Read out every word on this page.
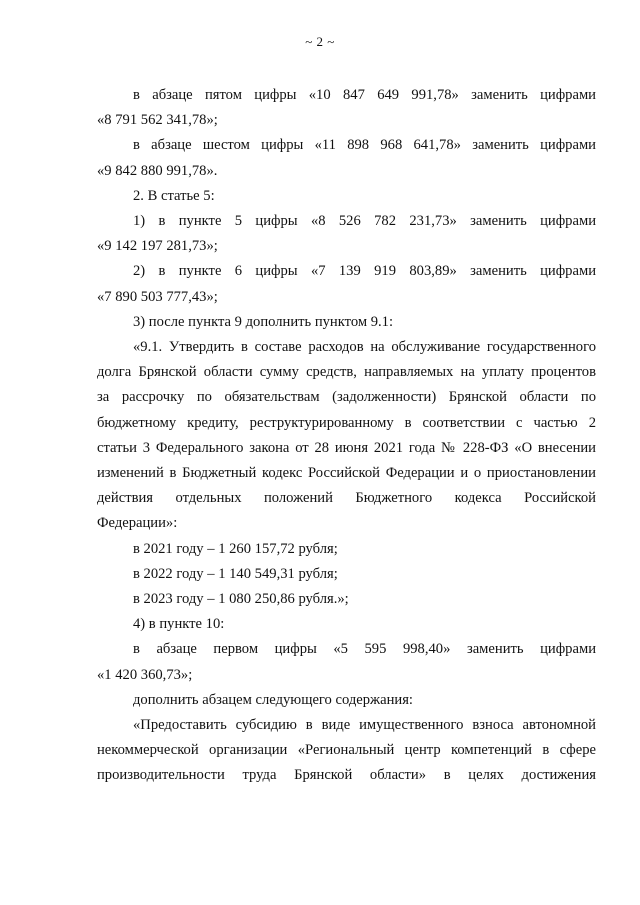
~ 2 ~
в абзаце пятом цифры «10 847 649 991,78» заменить цифрами
«8 791 562 341,78»;
в абзаце шестом цифры «11 898 968 641,78» заменить цифрами
«9 842 880 991,78».
2. В статье 5:
1) в пункте 5 цифры «8 526 782 231,73» заменить цифрами
«9 142 197 281,73»;
2) в пункте 6 цифры «7 139 919 803,89» заменить цифрами
«7 890 503 777,43»;
3) после пункта 9 дополнить пунктом 9.1:
«9.1. Утвердить в составе расходов на обслуживание государственного
долга Брянской области сумму средств, направляемых на уплату процентов
за рассрочку по обязательствам (задолженности) Брянской области по
бюджетному кредиту, реструктурированному в соответствии с частью 2
статьи 3 Федерального закона от 28 июня 2021 года № 228-ФЗ «О внесении
изменений в Бюджетный кодекс Российской Федерации и о приостановлении
действия отдельных положений Бюджетного кодекса Российской
Федерации»:
в 2021 году – 1 260 157,72 рубля;
в 2022 году – 1 140 549,31 рубля;
в 2023 году – 1 080 250,86 рубля.»;
4) в пункте 10:
в абзаце первом цифры «5 595 998,40» заменить цифрами
«1 420 360,73»;
дополнить абзацем следующего содержания:
«Предоставить субсидию в виде имущественного взноса автономной
некоммерческой организации «Региональный центр компетенций в сфере
производительности труда Брянской области» в целях достижения
